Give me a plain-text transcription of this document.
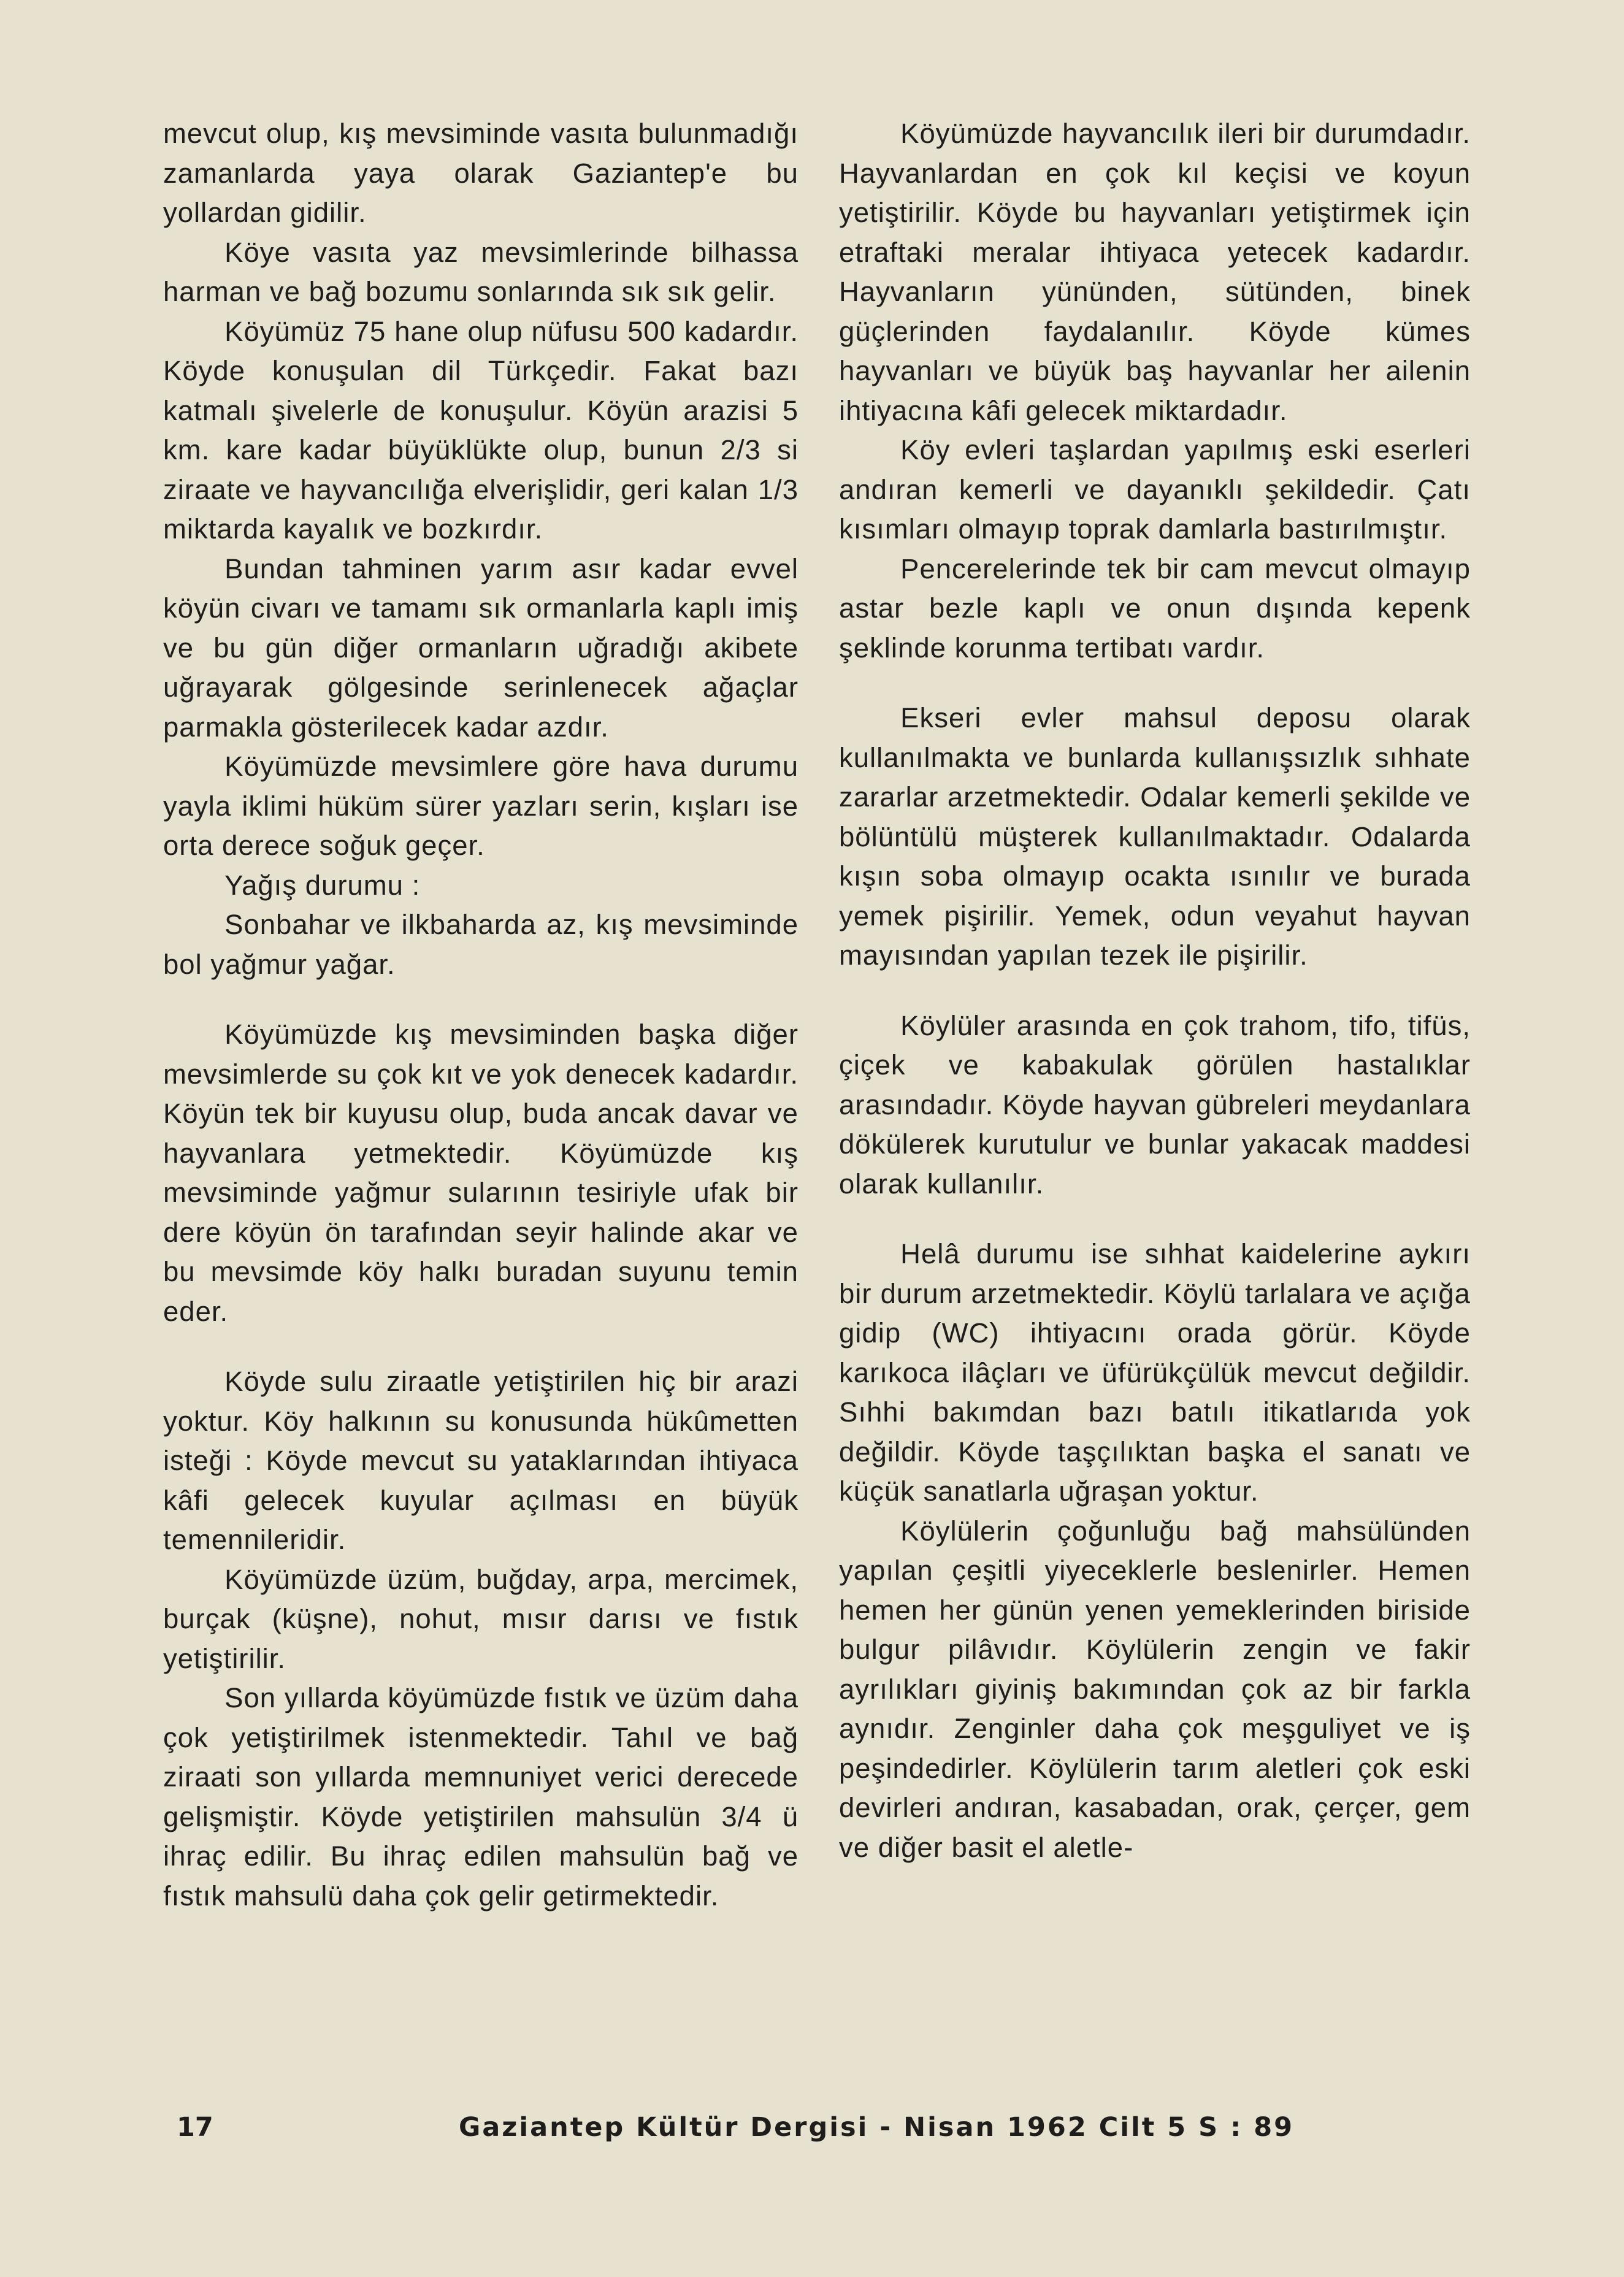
mevcut olup, kış mevsiminde vasıta bulunmadığı zamanlarda yaya olarak Gaziantep'e bu yollardan gidilir.

Köye vasıta yaz mevsimlerinde bilhassa harman ve bağ bozumu sonlarında sık sık gelir.

Köyümüz 75 hane olup nüfusu 500 kadardır. Köyde konuşulan dil Türkçedir. Fakat bazı katmalı şivelerle de konuşulur. Köyün arazisi 5 km. kare kadar büyüklükte olup, bunun 2/3 si ziraate ve hayvancılığa elverişlidir, geri kalan 1/3 miktarda kayalık ve bozkırdır.

Bundan tahminen yarım asır kadar evvel köyün civarı ve tamamı sık ormanlarla kaplı imiş ve bu gün diğer ormanların uğradığı akibete uğrayarak gölgesinde serinlenecek ağaçlar parmakla gösterilecek kadar azdır.

Köyümüzde mevsimlere göre hava durumu yayla iklimi hüküm sürer yazları serin, kışları ise orta derece soğuk geçer.

Yağış durumu :

Sonbahar ve ilkbaharda az, kış mevsiminde bol yağmur yağar.

Köyümüzde kış mevsiminden başka diğer mevsimlerde su çok kıt ve yok denecek kadardır. Köyün tek bir kuyusu olup, buda ancak davar ve hayvanlara yetmektedir. Köyümüzde kış mevsiminde yağmur sularının tesiriyle ufak bir dere köyün ön tarafından seyir halinde akar ve bu mevsimde köy halkı buradan suyunu temin eder.

Köyde sulu ziraatle yetiştirilen hiç bir arazi yoktur. Köy halkının su konusunda hükûmetten isteği : Köyde mevcut su yataklarından ihtiyaca kâfi gelecek kuyular açılması en büyük temennileridir.

Köyümüzde üzüm, buğday, arpa, mercimek, burçak (küşne), nohut, mısır darısı ve fıstık yetiştirilir.

Son yıllarda köyümüzde fıstık ve üzüm daha çok yetiştirilmek istenmektedir. Tahıl ve bağ ziraati son yıllarda memnuniyet verici derecede gelişmiştir. Köyde yetiştirilen mahsulün 3/4 ü ihraç edilir. Bu ihraç edilen mahsulün bağ ve fıstık mahsulü daha çok gelir getirmektedir.

Köyümüzde hayvancılık ileri bir durumdadır. Hayvanlardan en çok kıl keçisi ve koyun yetiştirilir. Köyde bu hayvanları yetiştirmek için etraftaki meralar ihtiyaca yetecek kadardır. Hayvanların yününden, sütünden, binek güçlerinden faydalanılır. Köyde kümes hayvanları ve büyük baş hayvanlar her ailenin ihtiyacına kâfi gelecek miktardadır.

Köy evleri taşlardan yapılmış eski eserleri andıran kemerli ve dayanıklı şekildedir. Çatı kısımları olmayıp toprak damlarla bastırılmıştır.

Pencerelerinde tek bir cam mevcut olmayıp astar bezle kaplı ve onun dışında kepenk şeklinde korunma tertibatı vardır.

Ekseri evler mahsul deposu olarak kullanılmakta ve bunlarda kullanışsızlık sıhhate zararlar arzetmektedir. Odalar kemerli şekilde ve bölüntülü müşterek kullanılmaktadır. Odalarda kışın soba olmayıp ocakta ısınılır ve burada yemek pişirilir. Yemek, odun veyahut hayvan mayısından yapılan tezek ile pişirilir.

Köylüler arasında en çok trahom, tifo, tifüs, çiçek ve kabakulak görülen hastalıklar arasındadır. Köyde hayvan gübreleri meydanlara dökülerek kurutulur ve bunlar yakacak maddesi olarak kullanılır.

Helâ durumu ise sıhhat kaidelerine aykırı bir durum arzetmektedir. Köylü tarlalara ve açığa gidip (WC) ihtiyacını orada görür. Köyde karıkoca ilâçları ve üfürükçülük mevcut değildir. Sıhhi bakımdan bazı batılı itikatlarıda yok değildir. Köyde taşçılıktan başka el sanatı ve küçük sanatlarla uğraşan yoktur.

Köylülerin çoğunluğu bağ mahsülünden yapılan çeşitli yiyeceklerle beslenirler. Hemen hemen her günün yenen yemeklerinden biriside bulgur pilâvıdır. Köylülerin zengin ve fakir ayrılıkları giyiniş bakımından çok az bir farkla aynıdır. Zenginler daha çok meşguliyet ve iş peşindedirler. Köylülerin tarım aletleri çok eski devirleri andıran, kasabadan, orak, çerçer, gem ve diğer basit el aletle-

17	Gaziantep Kültür Dergisi - Nisan 1962 Cilt 5 S : 89
